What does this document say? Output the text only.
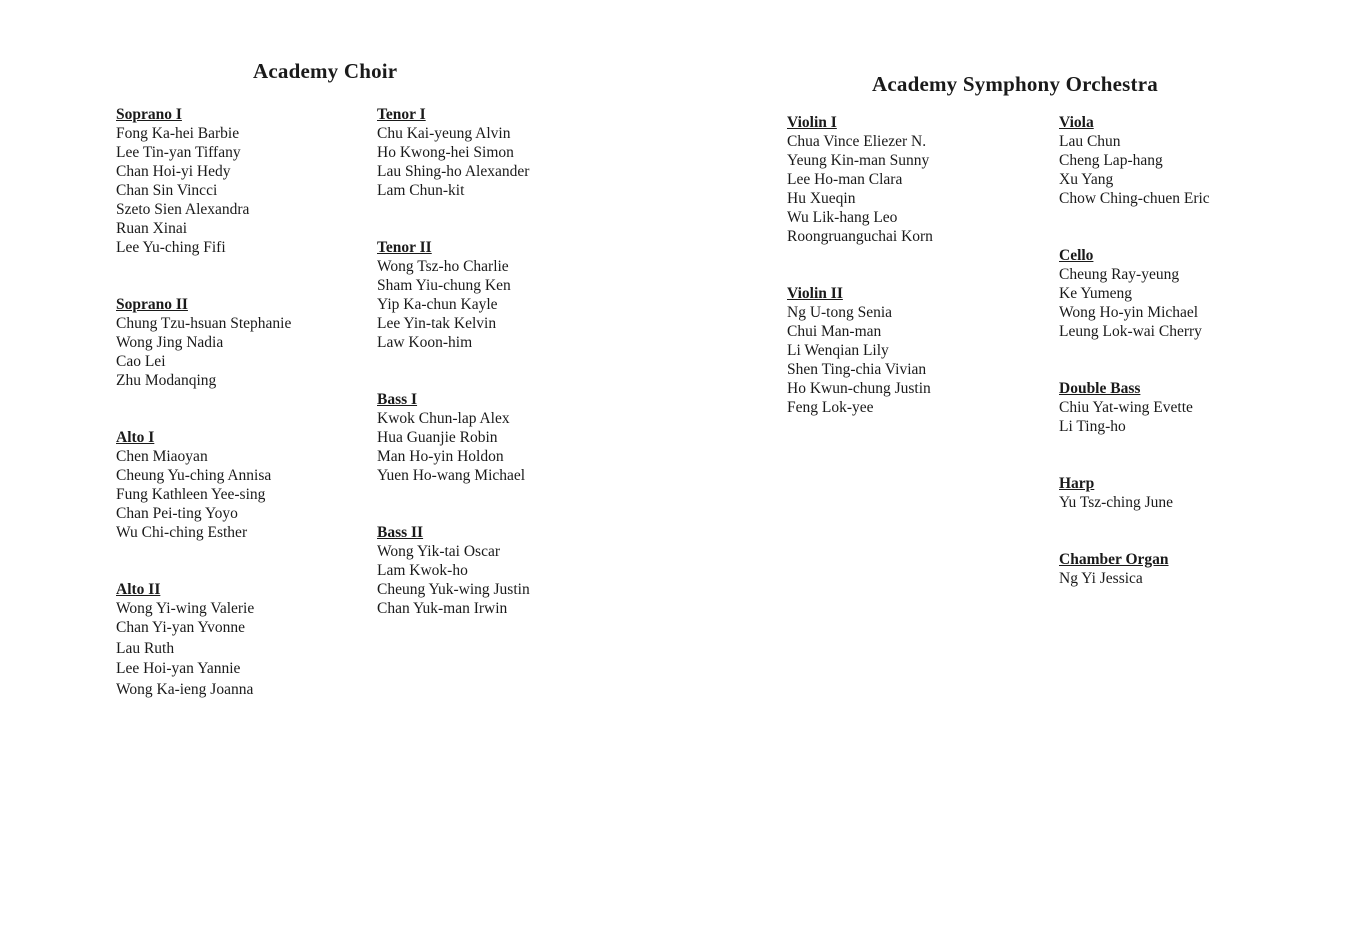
Academy Choir
Academy Symphony Orchestra
Soprano I
Fong Ka-hei Barbie
Lee Tin-yan Tiffany
Chan Hoi-yi Hedy
Chan Sin Vincci
Szeto Sien Alexandra
Ruan Xinai
Lee Yu-ching Fifi
Soprano II
Chung Tzu-hsuan Stephanie
Wong Jing Nadia
Cao Lei
Zhu Modanqing
Alto I
Chen Miaoyan
Cheung Yu-ching Annisa
Fung Kathleen Yee-sing
Chan Pei-ting Yoyo
Wu Chi-ching Esther
Alto II
Wong Yi-wing Valerie
Chan Yi-yan Yvonne
Lau Ruth
Lee Hoi-yan Yannie
Wong Ka-ieng Joanna
Tenor I
Chu Kai-yeung Alvin
Ho Kwong-hei Simon
Lau Shing-ho Alexander
Lam Chun-kit
Tenor II
Wong Tsz-ho Charlie
Sham Yiu-chung Ken
Yip Ka-chun Kayle
Lee Yin-tak Kelvin
Law Koon-him
Bass I
Kwok Chun-lap Alex
Hua Guanjie Robin
Man Ho-yin Holdon
Yuen Ho-wang Michael
Bass II
Wong Yik-tai Oscar
Lam Kwok-ho
Cheung Yuk-wing Justin
Chan Yuk-man Irwin
Violin I
Chua Vince Eliezer N.
Yeung Kin-man Sunny
Lee Ho-man Clara
Hu Xueqin
Wu Lik-hang Leo
Roongruanguchai Korn
Violin II
Ng U-tong Senia
Chui Man-man
Li Wenqian Lily
Shen Ting-chia Vivian
Ho Kwun-chung Justin
Feng Lok-yee
Viola
Lau Chun
Cheng Lap-hang
Xu Yang
Chow Ching-chuen Eric
Cello
Cheung Ray-yeung
Ke Yumeng
Wong Ho-yin Michael
Leung Lok-wai Cherry
Double Bass
Chiu Yat-wing Evette
Li Ting-ho
Harp
Yu Tsz-ching June
Chamber Organ
Ng Yi Jessica
